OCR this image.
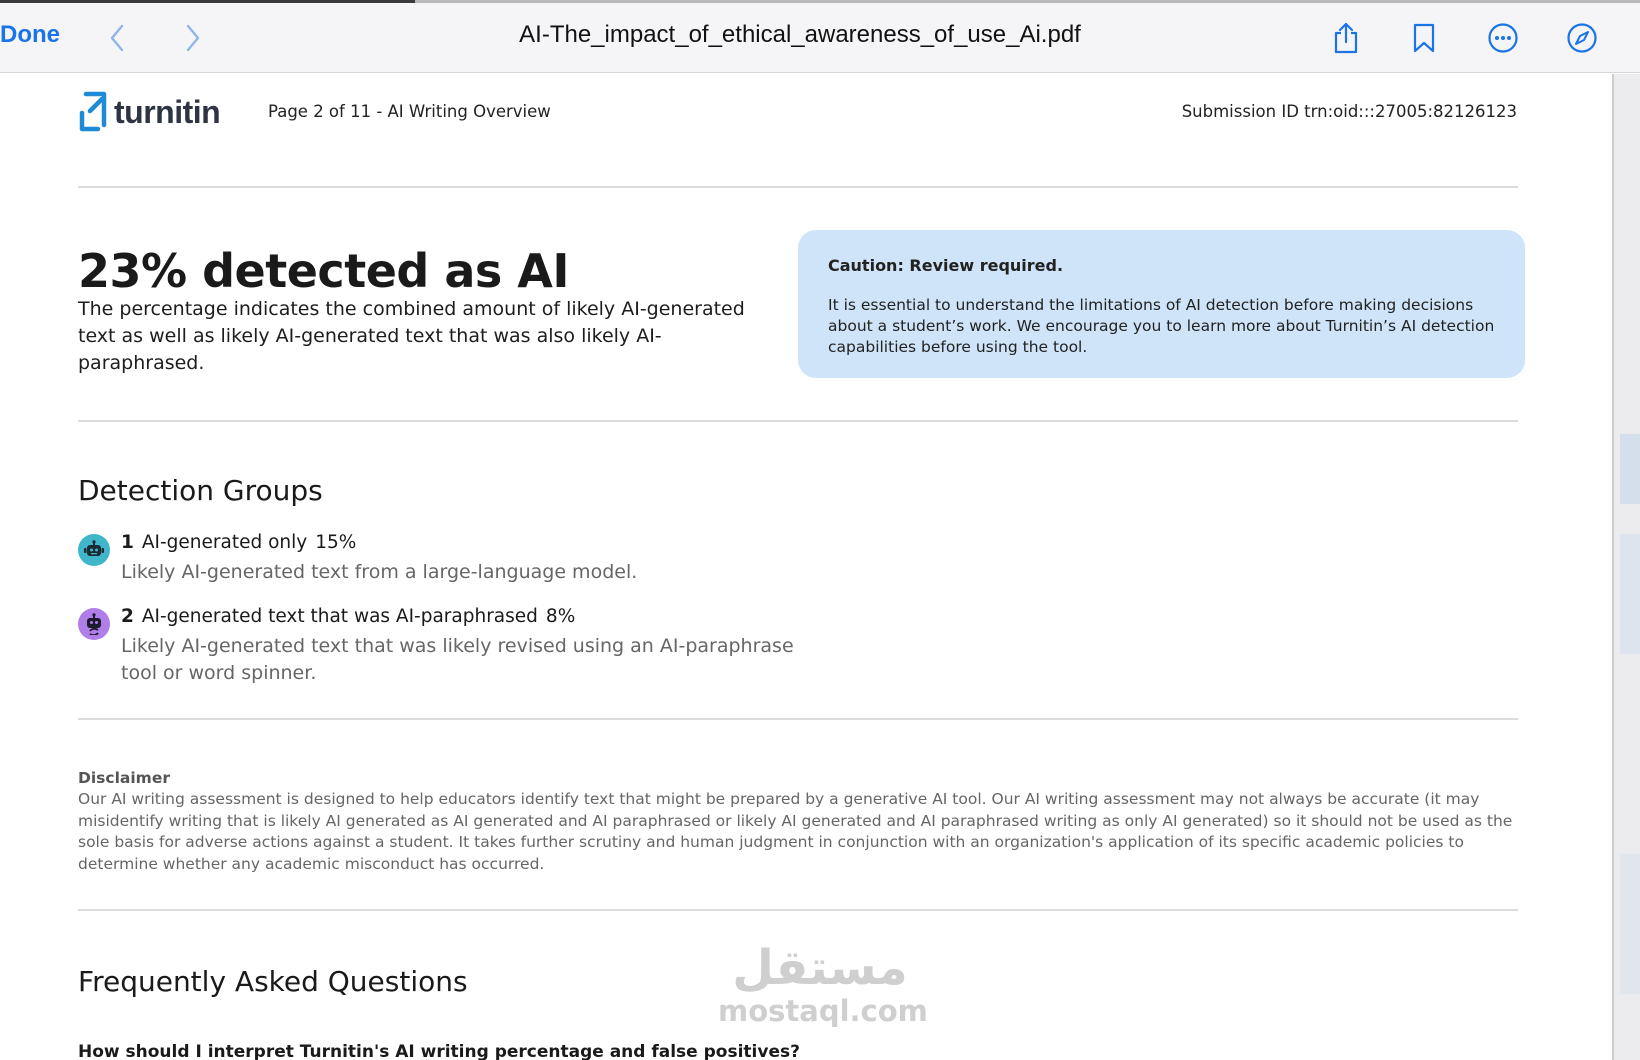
Done	AI-The_impact_of_ethical_awareness_of_use_Ai.pdf
turnitin	Page 2 of 11 - AI Writing Overview	Submission ID trn:oid:::27005:82126123
23% detected as AI
The percentage indicates the combined amount of likely AI-generated text as well as likely AI-generated text that was also likely AI-paraphrased.
Caution: Review required.
It is essential to understand the limitations of AI detection before making decisions about a student’s work. We encourage you to learn more about Turnitin’s AI detection capabilities before using the tool.
Detection Groups
1 AI-generated only 15%
Likely AI-generated text from a large-language model.
2 AI-generated text that was AI-paraphrased 8%
Likely AI-generated text that was likely revised using an AI-paraphrase tool or word spinner.
Disclaimer
Our AI writing assessment is designed to help educators identify text that might be prepared by a generative AI tool. Our AI writing assessment may not always be accurate (it may misidentify writing that is likely AI generated as AI generated and AI paraphrased or likely AI generated and AI paraphrased writing as only AI generated) so it should not be used as the sole basis for adverse actions against a student. It takes further scrutiny and human judgment in conjunction with an organization's application of its specific academic policies to determine whether any academic misconduct has occurred.
Frequently Asked Questions
How should I interpret Turnitin's AI writing percentage and false positives?
مستقل
mostaql.com
